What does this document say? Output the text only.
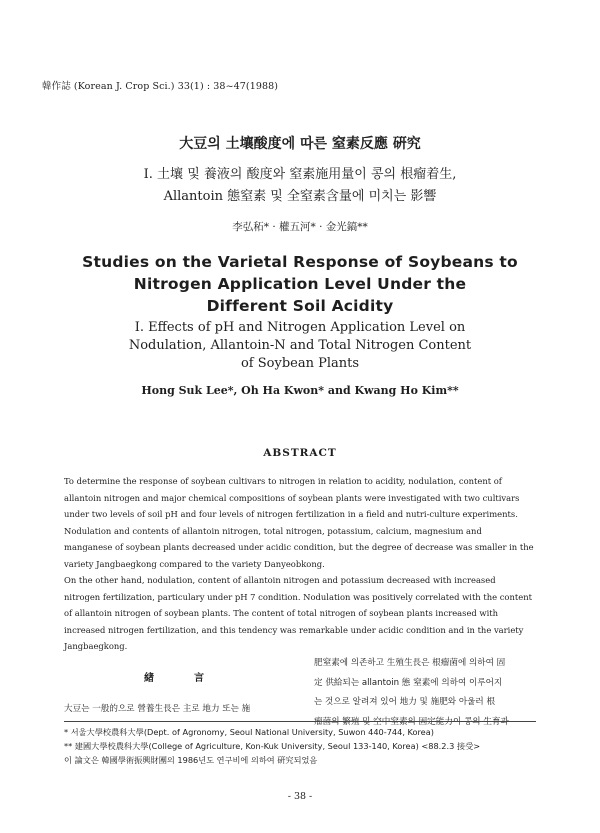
韓作誌 (Korean J. Crop Sci.) 33(1) : 38~47(1988)
大豆의 土壤酸度에 따른 窒素反應 硏究
I. 土壤 및 養液의 酸度와 窒素施用量이 콩의 根瘤着生,
Allantoin 態窒素 및 全窒素含量에 미치는 影響
李弘䄷* · 權五河* · 金光鎬**
Studies on the Varietal Response of Soybeans to
Nitrogen Application Level Under the
Different Soil Acidity
I. Effects of pH and Nitrogen Application Level on
Nodulation, Allantoin-N and Total Nitrogen Content
of Soybean Plants
Hong Suk Lee*, Oh Ha Kwon* and Kwang Ho Kim**
ABSTRACT
To determine the response of soybean cultivars to nitrogen in relation to acidity, nodulation, content of
allantoin nitrogen and major chemical compositions of soybean plants were investigated with two cultivars
under two levels of soil pH and four levels of nitrogen fertilization in a field and nutri-culture experiments.
Nodulation and contents of allantoin nitrogen, total nitrogen, potassium, calcium, magnesium and
manganese of soybean plants decreased under acidic condition, but the degree of decrease was smaller in the
variety Jangbaegkong compared to the variety Danyeobkong.
On the other hand, nodulation, content of allantoin nitrogen and potassium decreased with increased
nitrogen fertilization, particulary under pH 7 condition. Nodulation was positively correlated with the content
of allantoin nitrogen of soybean plants. The content of total nitrogen of soybean plants increased with
increased nitrogen fertilization, and this tendency was remarkable under acidic condition and in the variety
Jangbaegkong.
緖言
大豆는 一般的으로 營養生長은 主로 地力 또는 施
肥窒素에 의존하고 生殖生長은 根瘤菌에 의하여 固
定 供給되는 allantoin 態 窒素에 의하여 이루어지
는 것으로 알려져 있어 地力 및 施肥와 아울러 根
瘤菌의 繁殖 및 空中窒素의 固定能力이 콩의 生育과
* 서울大學校農科大學(Dept. of Agronomy, Seoul National University, Suwon 440-744, Korea)
** 建國大學校農科大學(College of Agriculture, Kon-Kuk University, Seoul 133-140, Korea) <88.2.3 接受>
이 論文은 韓國學術振興財團의 1986년도 연구비에 의하여 硏究되었음
- 38 -
